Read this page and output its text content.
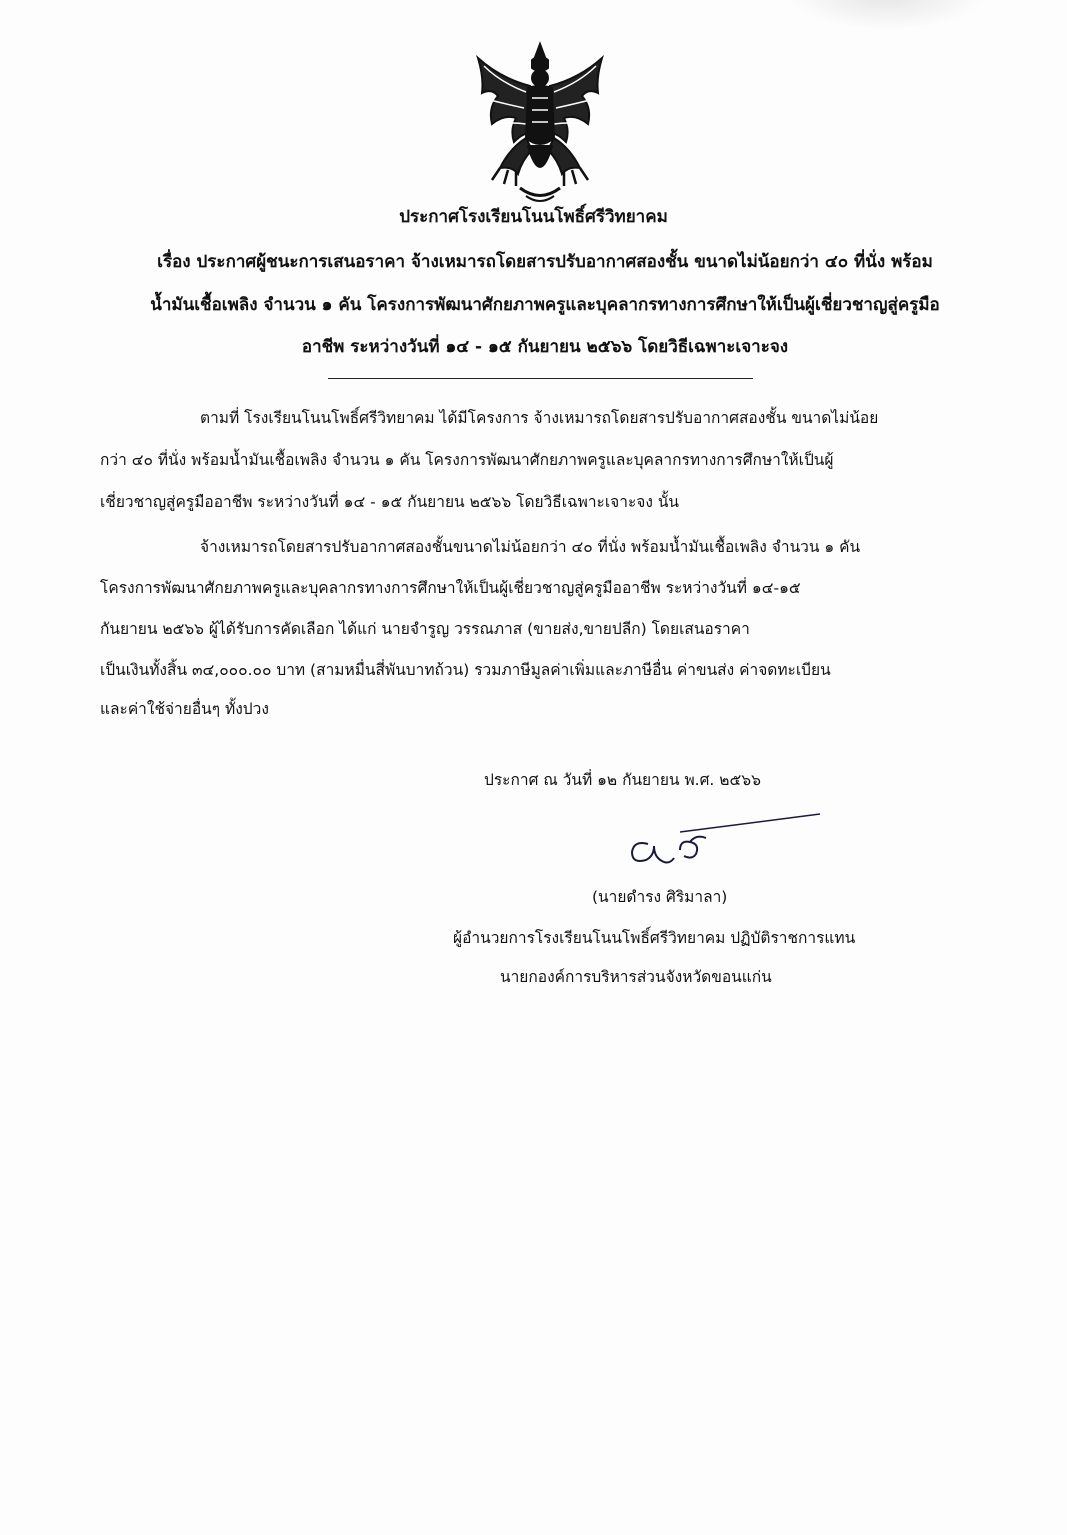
ประกาศโรงเรียนโนนโพธิ์ศรีวิทยาคม
เรื่อง ประกาศผู้ชนะการเสนอราคา จ้างเหมารถโดยสารปรับอากาศสองชั้น ขนาดไม่น้อยกว่า ๔๐ ที่นั่ง พร้อม
น้ำมันเชื้อเพลิง จำนวน ๑ คัน โครงการพัฒนาศักยภาพครูและบุคลากรทางการศึกษาให้เป็นผู้เชี่ยวชาญสู่ครูมือ
อาชีพ ระหว่างวันที่ ๑๔ - ๑๕ กันยายน ๒๕๖๖ โดยวิธีเฉพาะเจาะจง
ตามที่ โรงเรียนโนนโพธิ์ศรีวิทยาคม ได้มีโครงการ จ้างเหมารถโดยสารปรับอากาศสองชั้น ขนาดไม่น้อย
กว่า ๔๐ ที่นั่ง พร้อมน้ำมันเชื้อเพลิง จำนวน ๑ คัน โครงการพัฒนาศักยภาพครูและบุคลากรทางการศึกษาให้เป็นผู้
เชี่ยวชาญสู่ครูมืออาชีพ ระหว่างวันที่ ๑๔ - ๑๕ กันยายน ๒๕๖๖ โดยวิธีเฉพาะเจาะจง นั้น
จ้างเหมารถโดยสารปรับอากาศสองชั้นขนาดไม่น้อยกว่า ๔๐ ที่นั่ง พร้อมน้ำมันเชื้อเพลิง จำนวน ๑ คัน
โครงการพัฒนาศักยภาพครูและบุคลากรทางการศึกษาให้เป็นผู้เชี่ยวชาญสู่ครูมืออาชีพ ระหว่างวันที่ ๑๔-๑๕
กันยายน ๒๕๖๖ ผู้ได้รับการคัดเลือก ได้แก่ นายจำรูญ วรรณภาส (ขายส่ง,ขายปลีก) โดยเสนอราคา
เป็นเงินทั้งสิ้น ๓๔,๐๐๐.๐๐ บาท (สามหมื่นสี่พันบาทถ้วน) รวมภาษีมูลค่าเพิ่มและภาษีอื่น ค่าขนส่ง ค่าจดทะเบียน
และค่าใช้จ่ายอื่นๆ ทั้งปวง
ประกาศ ณ วันที่ ๑๒ กันยายน พ.ศ. ๒๕๖๖
(นายดำรง ศิริมาลา)
ผู้อำนวยการโรงเรียนโนนโพธิ์ศรีวิทยาคม ปฏิบัติราชการแทน
นายกองค์การบริหารส่วนจังหวัดขอนแก่น
